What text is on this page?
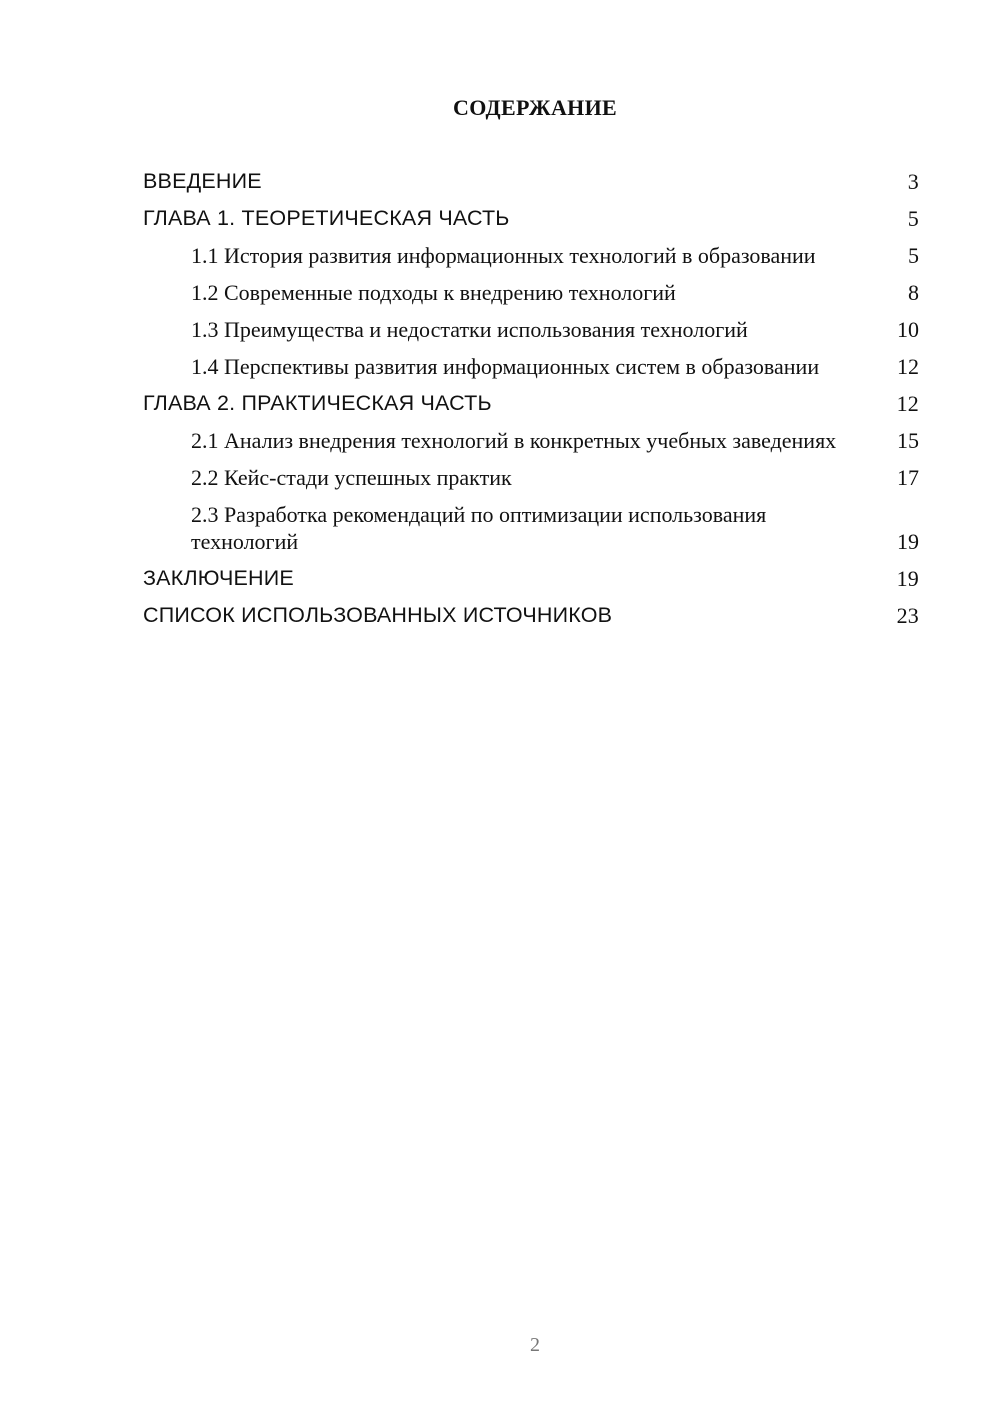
СОДЕРЖАНИЕ
ВВЕДЕНИЕ	3
ГЛАВА 1. ТЕОРЕТИЧЕСКАЯ ЧАСТЬ	5
1.1 История развития информационных технологий в образовании	5
1.2 Современные подходы к внедрению технологий	8
1.3 Преимущества и недостатки использования технологий	10
1.4 Перспективы развития информационных систем в образовании	12
ГЛАВА 2. ПРАКТИЧЕСКАЯ ЧАСТЬ	12
2.1 Анализ внедрения технологий в конкретных учебных заведениях	15
2.2 Кейс-стади успешных практик	17
2.3 Разработка рекомендаций по оптимизации использования технологий	19
ЗАКЛЮЧЕНИЕ	19
СПИСОК ИСПОЛЬЗОВАННЫХ ИСТОЧНИКОВ	23
2
